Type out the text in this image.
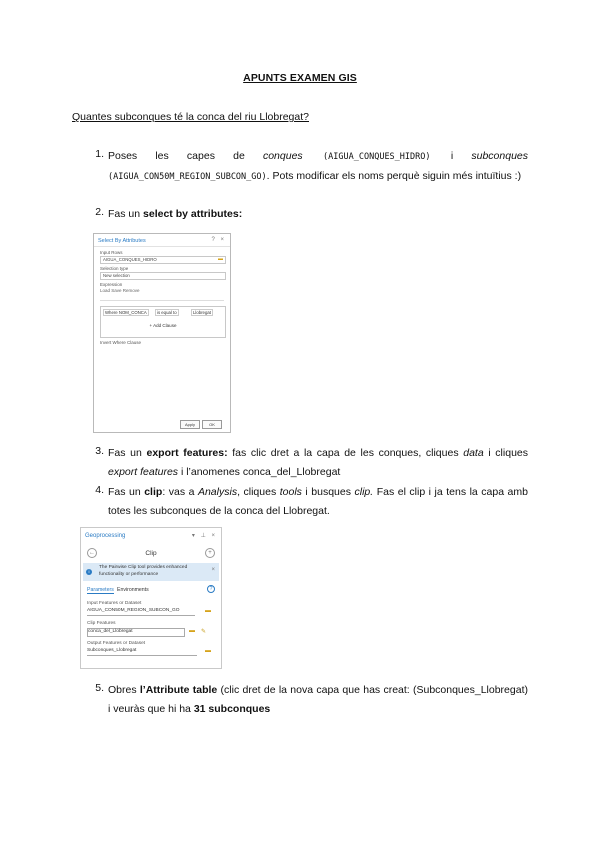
APUNTS EXAMEN GIS
Quantes subconques té la conca del riu Llobregat?
1. Poses les capes de conques (AIGUA_CONQUES_HIDRO) i subconques (AIGUA_CON50M_REGION_SUBCON_GO). Pots modificar els noms perquè siguin més intuïtius :)
2. Fas un select by attributes:
Select By Attributes	? ×
Input Rows
AIGUA_CONQUES_HIDRO	▬
Selection type
New selection
Expression
Load Save Remove
Where NOM_CONCA	is equal to	Llobregat
+ Add Clause
Invert Where Clause
Apply	OK
3. Fas un export features: fas clic dret a la capa de les conques, cliques data i cliques export features i l’anomenes conca_del_Llobregat
4. Fas un clip: vas a Analysis, cliques tools i busques clip. Fas el clip i ja tens la capa amb totes les subconques de la conca del Llobregat.
Geoprocessing	▾ ⊥ ×
←	Clip	+
i
The Pairwise Clip tool provides enhanced functionality or performance
×
Parameters Environments	?
Input Features or Dataset
AIGUA_CON50M_REGION_SUBCON_GO	▬
Clip Features
conca_del_Llobregat	▬ ✎
Output Features or Dataset
Subconques_Llobregat	▬
5. Obres l’Attribute table (clic dret de la nova capa que has creat: (Subconques_Llobregat) i veuràs que hi ha 31 subconques
